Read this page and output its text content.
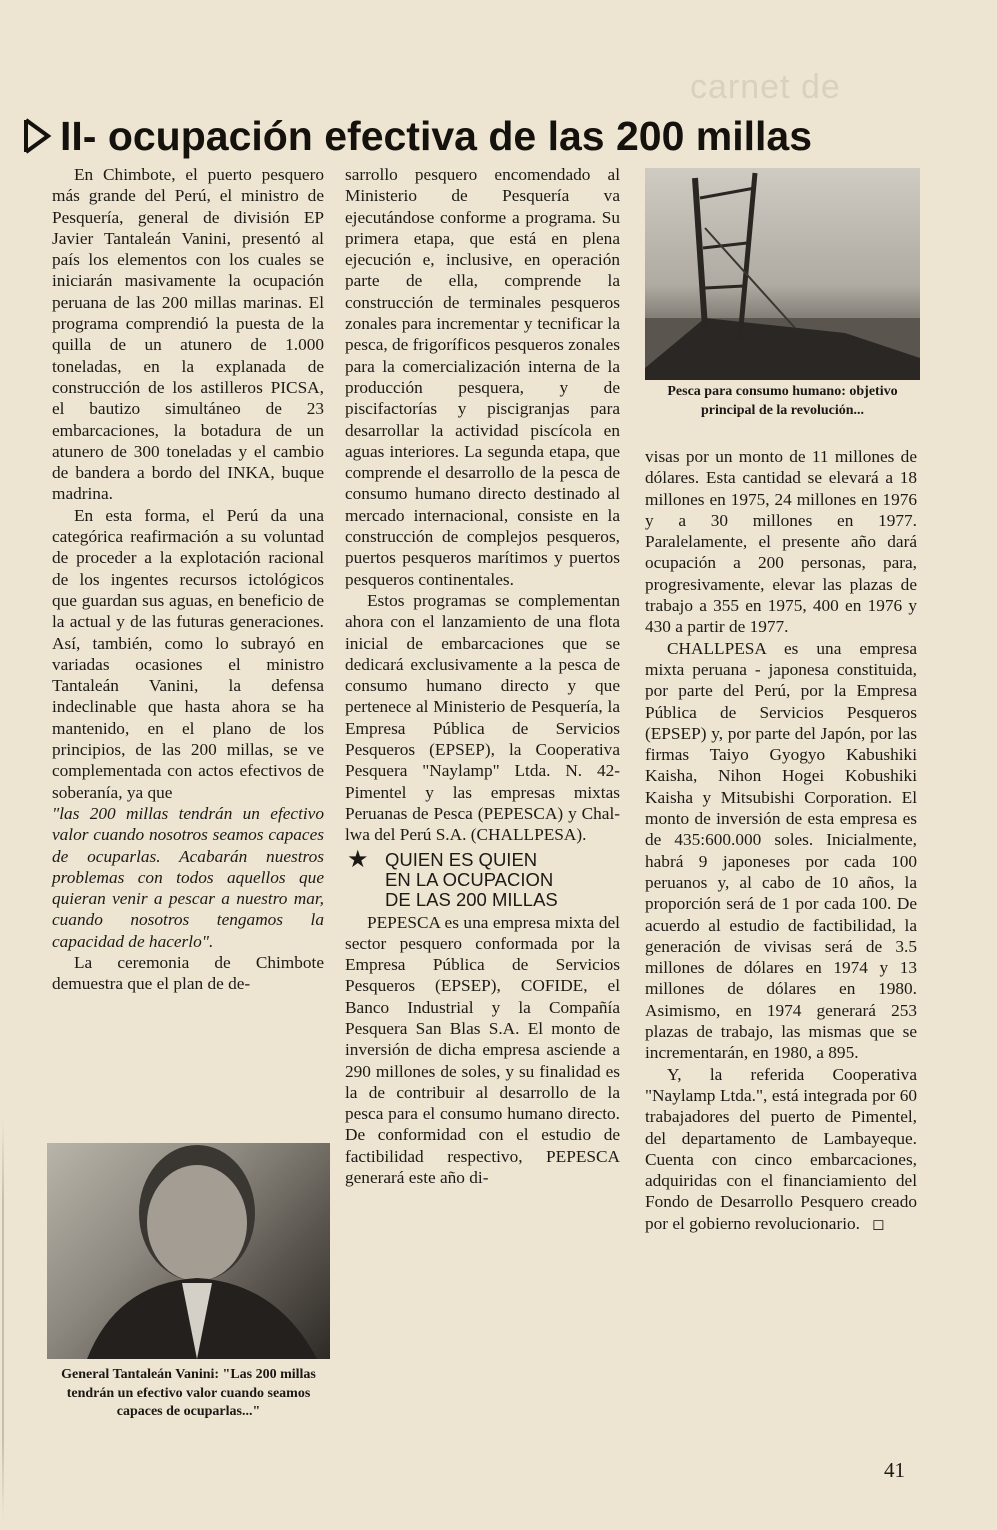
carnet de
II- ocupación efectiva de las 200 millas

En Chimbote, el puerto pesquero más grande del Perú, el ministro de Pesquería, general de división EP Javier Tantaleán Vanini, presentó al país los elementos con los cuales se iniciarán masivamente la ocupación peruana de las 200 millas marinas. El programa comprendió la puesta de la quilla de un atunero de 1.000 toneladas, en la explanada de construcción de los astilleros PICSA, el bautizo simultáneo de 23 embarcaciones, la botadura de un atunero de 300 toneladas y el cambio de bandera a bordo del INKA, buque madrina.

En esta forma, el Perú da una categórica reafirmación a su voluntad de proceder a la explotación racional de los ingentes recursos ictológicos que guardan sus aguas, en beneficio de la actual y de las futuras generaciones. Así, también, como lo subrayó en variadas ocasiones el ministro Tantaleán Vanini, la defensa indeclinable que hasta ahora se ha mantenido, en el plano de los principios, de las 200 millas, se ve complementada con actos efectivos de soberanía, ya que

"las 200 millas tendrán un efectivo valor cuando nosotros seamos capaces de ocuparlas. Acabarán nuestros problemas con todos aquellos que quieran venir a pescar a nuestro mar, cuando nosotros tengamos la capacidad de hacerlo".

La ceremonia de Chimbote demuestra que el plan de de-

General Tantaleán Vanini: "Las 200 millas tendrán un efectivo valor cuando seamos capaces de ocuparlas..."

sarrollo pesquero encomendado al Ministerio de Pesquería va ejecutándose conforme a programa. Su primera etapa, que está en plena ejecución e, inclusive, en operación parte de ella, comprende la construcción de terminales pesqueros zonales para incrementar y tecnificar la pesca, de frigoríficos pesqueros zonales para la comercialización interna de la producción pesquera, y de piscifactorías y piscigranjas para desarrollar la actividad piscícola en aguas interiores. La segunda etapa, que comprende el desarrollo de la pesca de consumo humano directo destinado al mercado internacional, consiste en la construcción de complejos pesqueros, puertos pesqueros marítimos y puertos pesqueros continentales.

Estos programas se complementan ahora con el lanzamiento de una flota inicial de embarcaciones que se dedicará exclusivamente a la pesca de consumo humano directo y que pertenece al Ministerio de Pesquería, la Empresa Pública de Servicios Pesqueros (EPSEP), la Cooperativa Pesquera "Naylamp" Ltda. N. 42-Pimentel y las empresas mixtas Peruanas de Pesca (PEPESCA) y Chal-lwa del Perú S.A. (CHALLPESA).

★ QUIEN ES QUIEN
EN LA OCUPACION
DE LAS 200 MILLAS

PEPESCA es una empresa mixta del sector pesquero conformada por la Empresa Pública de Servicios Pesqueros (EPSEP), COFIDE, el Banco Industrial y la Compañía Pesquera San Blas S.A. El monto de inversión de dicha empresa asciende a 290 millones de soles, y su finalidad es la de contribuir al desarrollo de la pesca para el consumo humano directo. De conformidad con el estudio de factibilidad respectivo, PEPESCA generará este año di-

Pesca para consumo humano: objetivo principal de la revolución...

visas por un monto de 11 millones de dólares. Esta cantidad se elevará a 18 millones en 1975, 24 millones en 1976 y a 30 millones en 1977. Paralelamente, el presente año dará ocupación a 200 personas, para, progresivamente, elevar las plazas de trabajo a 355 en 1975, 400 en 1976 y 430 a partir de 1977.

CHALLPESA es una empresa mixta peruana - japonesa constituida, por parte del Perú, por la Empresa Pública de Servicios Pesqueros (EPSEP) y, por parte del Japón, por las firmas Taiyo Gyogyo Kabushiki Kaisha, Nihon Hogei Kobushiki Kaisha y Mitsubishi Corporation. El monto de inversión de esta empresa es de 435:600.000 soles. Inicialmente, habrá 9 japoneses por cada 100 peruanos y, al cabo de 10 años, la proporción será de 1 por cada 100. De acuerdo al estudio de factibilidad, la generación de vivisas será de 3.5 millones de dólares en 1974 y 13 millones de dólares en 1980. Asimismo, en 1974 generará 253 plazas de trabajo, las mismas que se incrementarán, en 1980, a 895.

Y, la referida Cooperativa "Naylamp Ltda.", está integrada por 60 trabajadores del puerto de Pimentel, del departamento de Lambayeque. Cuenta con cinco embarcaciones, adquiridas con el financiamiento del Fondo de Desarrollo Pesquero creado por el gobierno revolucionario. ◻

41
